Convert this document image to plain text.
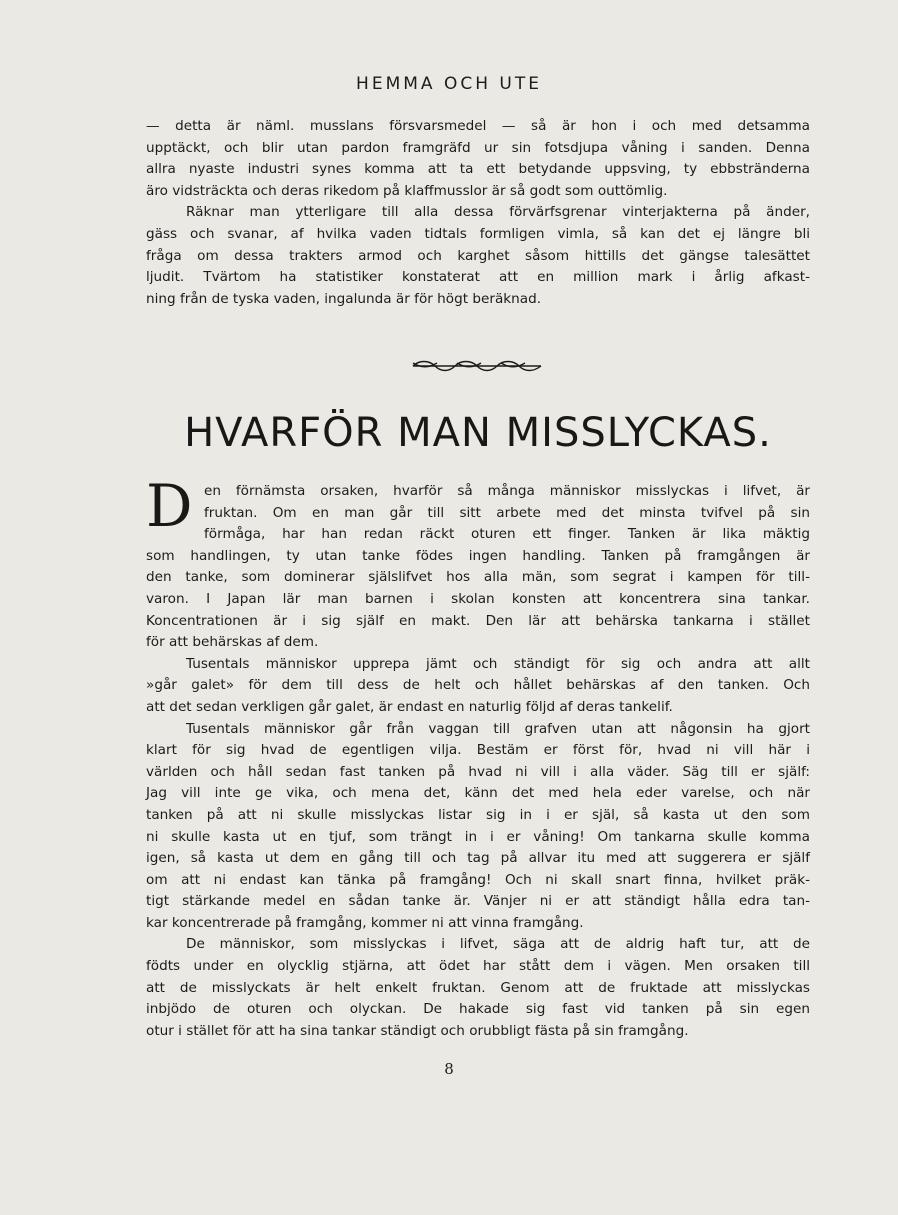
HEMMA OCH UTE
— detta är näml. musslans försvarsmedel — så är hon i och med detsamma
upptäckt, och blir utan pardon framgräfd ur sin fotsdjupa våning i sanden. Denna
allra nyaste industri synes komma att ta ett betydande uppsving, ty ebbstränderna
äro vidsträckta och deras rikedom på klaffmusslor är så godt som outtömlig.
Räknar man ytterligare till alla dessa förvärfsgrenar vinterjakterna på änder,
gäss och svanar, af hvilka vaden tidtals formligen vimla, så kan det ej längre bli
fråga om dessa trakters armod och karghet såsom hittills det gängse talesättet
ljudit. Tvärtom ha statistiker konstaterat att en million mark i årlig afkast-
ning från de tyska vaden, ingalunda är för högt beräknad.
HVARFÖR MAN MISSLYCKAS.
D en förnämsta orsaken, hvarför så många människor misslyckas i lifvet, är
fruktan. Om en man går till sitt arbete med det minsta tvifvel på sin
förmåga, har han redan räckt oturen ett finger. Tanken är lika mäktig
som handlingen, ty utan tanke födes ingen handling. Tanken på framgången är
den tanke, som dominerar själslifvet hos alla män, som segrat i kampen för till-
varon. I Japan lär man barnen i skolan konsten att koncentrera sina tankar.
Koncentrationen är i sig själf en makt. Den lär att behärska tankarna i stället
för att behärskas af dem.
Tusentals människor upprepa jämt och ständigt för sig och andra att allt
»går galet» för dem till dess de helt och hållet behärskas af den tanken. Och
att det sedan verkligen går galet, är endast en naturlig följd af deras tankelif.
Tusentals människor går från vaggan till grafven utan att någonsin ha gjort
klart för sig hvad de egentligen vilja. Bestäm er först för, hvad ni vill här i
världen och håll sedan fast tanken på hvad ni vill i alla väder. Säg till er själf:
Jag vill inte ge vika, och mena det, känn det med hela eder varelse, och när
tanken på att ni skulle misslyckas listar sig in i er själ, så kasta ut den som
ni skulle kasta ut en tjuf, som trängt in i er våning! Om tankarna skulle komma
igen, så kasta ut dem en gång till och tag på allvar itu med att suggerera er själf
om att ni endast kan tänka på framgång! Och ni skall snart finna, hvilket präk-
tigt stärkande medel en sådan tanke är. Vänjer ni er att ständigt hålla edra tan-
kar koncentrerade på framgång, kommer ni att vinna framgång.
De människor, som misslyckas i lifvet, säga att de aldrig haft tur, att de
födts under en olycklig stjärna, att ödet har stått dem i vägen. Men orsaken till
att de misslyckats är helt enkelt fruktan. Genom att de fruktade att misslyckas
inbjödo de oturen och olyckan. De hakade sig fast vid tanken på sin egen
otur i stället för att ha sina tankar ständigt och orubbligt fästa på sin framgång.
8
